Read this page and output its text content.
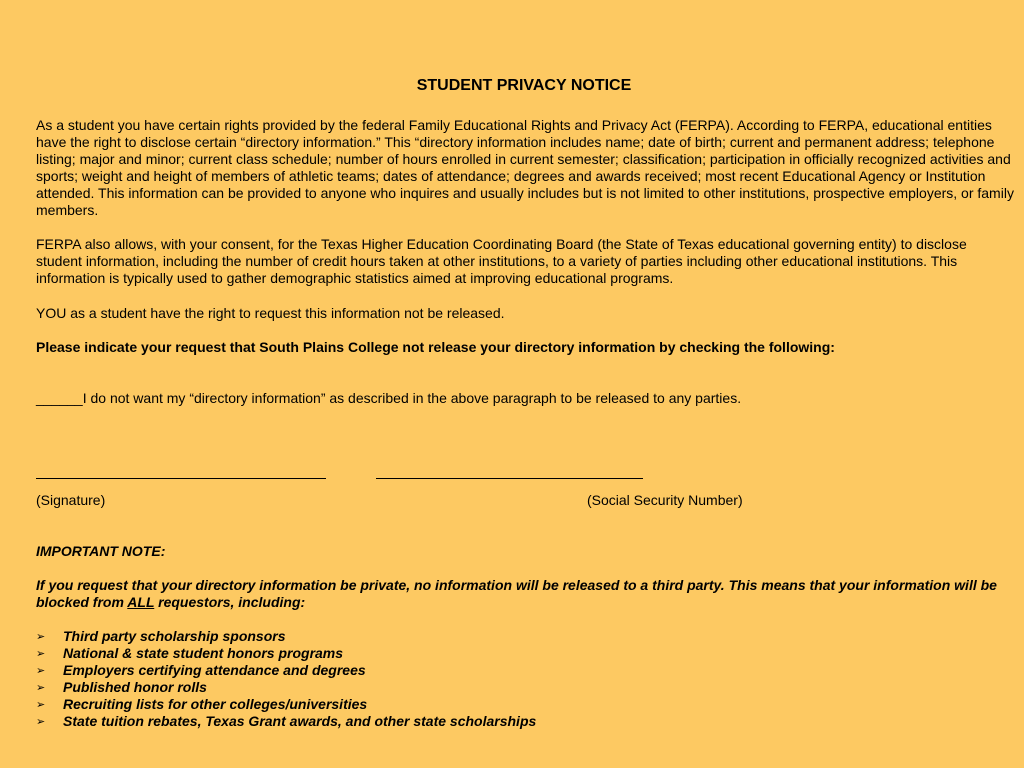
STUDENT PRIVACY NOTICE

As a student you have certain rights provided by the federal Family Educational Rights and Privacy Act (FERPA). According to FERPA, educational entities have the right to disclose certain “directory information.” This “directory information includes name; date of birth; current and permanent address; telephone listing; major and minor; current class schedule; number of hours enrolled in current semester; classification; participation in officially recognized activities and sports; weight and height of members of athletic teams; dates of attendance; degrees and awards received; most recent Educational Agency or Institution attended. This information can be provided to anyone who inquires and usually includes but is not limited to other institutions, prospective employers, or family members.

FERPA also allows, with your consent, for the Texas Higher Education Coordinating Board (the State of Texas educational governing entity) to disclose student information, including the number of credit hours taken at other institutions, to a variety of parties including other educational institutions. This information is typically used to gather demographic statistics aimed at improving educational programs.

YOU as a student have the right to request this information not be released.

Please indicate your request that South Plains College not release your directory information by checking the following:

______I do not want my “directory information” as described in the above paragraph to be released to any parties.

(Signature)	(Social Security Number)
IMPORTANT NOTE:

If you request that your directory information be private, no information will be released to a third party. This means that your information will be blocked from ALL requestors, including:

➢	Third party scholarship sponsors
➢	National & state student honors programs
➢	Employers certifying attendance and degrees
➢	Published honor rolls
➢	Recruiting lists for other colleges/universities
➢	State tuition rebates, Texas Grant awards, and other state scholarships
